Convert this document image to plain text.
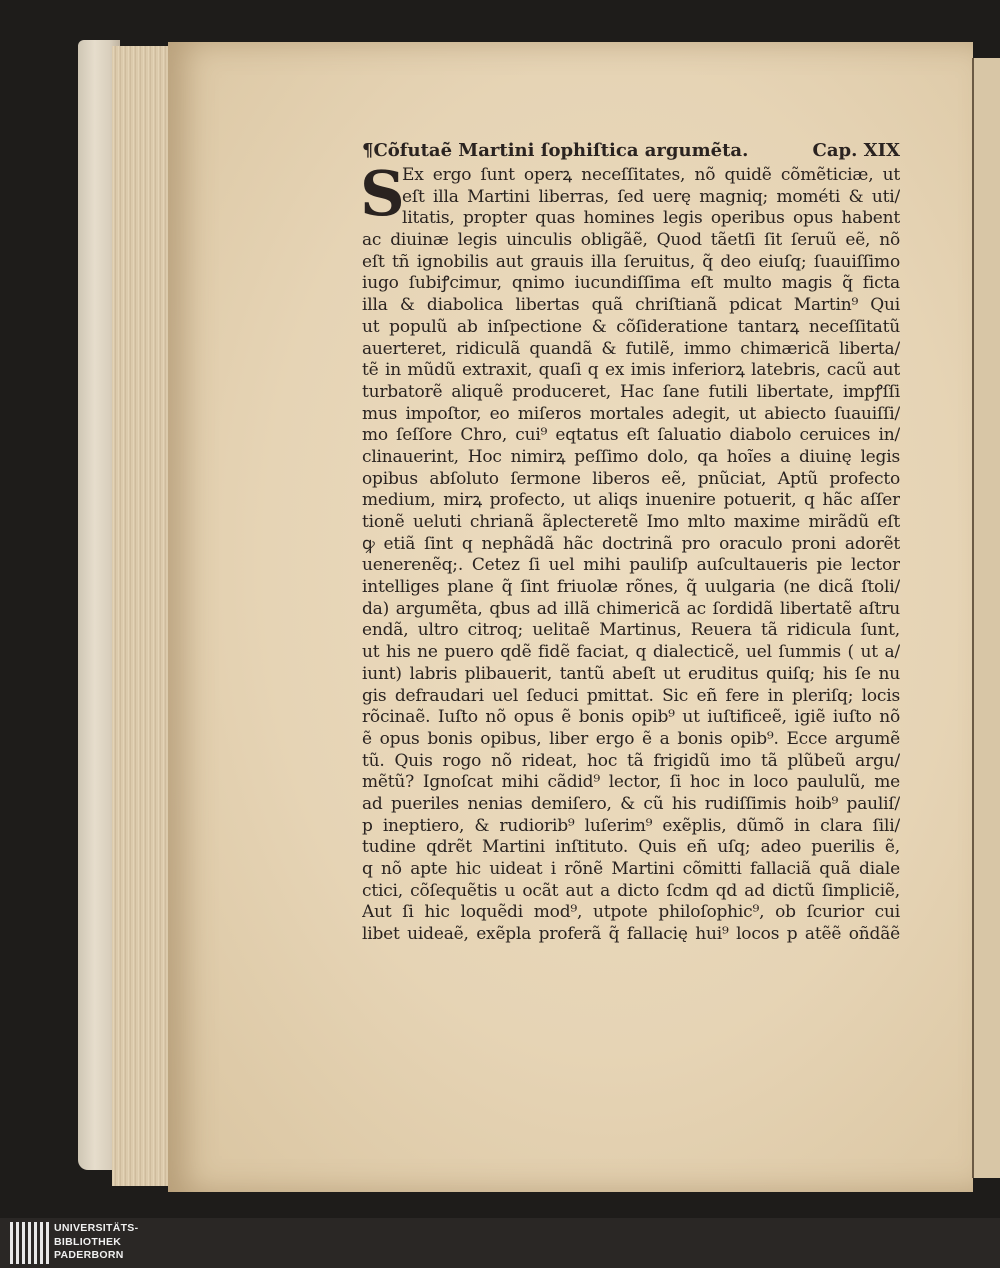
¶Cõfutaẽ Martini ſophiſtica argumẽta.	Cap. XIX
S
Ex ergo ſunt operꝝ neceſſitates, nõ quidẽ cõmẽticiæ, ut
eſt illa Martini liberras, ſed uerę magniq; mométi & uti/
litatis, propter quas homines legis operibus opus habent
ac diuinæ legis uinculis obligãẽ, Quod tãetſi ſit ſeruũ eẽ, nõ
eſt tñ ignobilis aut grauis illa ſeruitus, q̃ deo eiuſq; ſuauiſſimo
iugo ſubiꝭcimur, qnimo iucundiſſima eſt multo magis q̃ ficta
illa & diabolica libertas quã chriſtianã pdicat Martin⁹ Qui
ut populũ ab inſpectione & cõſideratione tantarꝝ neceſſitatũ
auerteret, ridiculã quandã & futilẽ, immo chimæricã liberta/
tẽ in mũdũ extraxit, quaſi q ex imis inferiorꝝ latebris, cacũ aut
turbatorẽ aliquẽ produceret, Hac ſane futili libertate, impꝭſſi
mus impoſtor, eo miſeros mortales adegit, ut abiecto ſuauiſſi/
mo ſeſſore Chro, cui⁹ eqtatus eſt ſaluatio diabolo ceruices in/
clinauerint, Hoc nimirꝝ peſſimo dolo, qa hoĩes a diuinę legis
opibus abſoluto ſermone liberos eẽ, pnũciat, Aptũ profecto
medium, mirꝝ profecto, ut aliqs inuenire potuerit, q hãc aſſer
tionẽ ueluti chrianã ãplecteretẽ Imo mlto maxime mirãdũ eſt
ꝙ etiã ſint q nephãdã hãc doctrinã pro oraculo proni adorẽt
uenerenẽq;. Cetez ſi uel mihi pauliſp auſcultaueris pie lector
intelliges plane q̃ ſint friuolæ rõnes, q̃ uulgaria (ne dicã ſtoli/
da) argumẽta, qbus ad illã chimericã ac ſordidã libertatẽ aſtru
endã, ultro citroq; uelitaẽ Martinus, Reuera tã ridicula ſunt,
ut his ne puero qdẽ fidẽ faciat, q dialecticẽ, uel ſummis ( ut a/
iunt) labris plibauerit, tantũ abeſt ut eruditus quiſq; his ſe nu
gis defraudari uel ſeduci pmittat. Sic eñ fere in pleriſq; locis
rõcinaẽ. Iuſto nõ opus ẽ bonis opib⁹ ut iuſtificeẽ, igiẽ iuſto nõ
ẽ opus bonis opibus, liber ergo ẽ a bonis opib⁹. Ecce argumẽ
tũ. Quis rogo nõ rideat, hoc tã frigidũ imo tã plũbeũ argu/
mẽtũ? Ignoſcat mihi cãdid⁹ lector, ſi hoc in loco paululũ, me
ad pueriles nenias demiſero, & cũ his rudiſſimis hoib⁹ pauliſ/
p ineptiero, & rudiorib⁹ luſerim⁹ exẽplis, dũmõ in clara ſili/
tudine qdrẽt Martini inſtituto. Quis eñ uſq; adeo puerilis ẽ,
q nõ apte hic uideat i rõnẽ Martini cõmitti fallaciã quã diale
ctici, cõſequẽtis u ocãt aut a dicto ſcdm qd ad dictũ ſimpliciẽ,
Aut ſi hic loquẽdi mod⁹, utpote philoſophic⁹, ob ſcurior cui
libet uideaẽ, exẽpla proferã q̃ fallacię hui⁹ locos p atẽẽ oñdãẽ
UNIVERSITÄTS-
BIBLIOTHEK
PADERBORN
